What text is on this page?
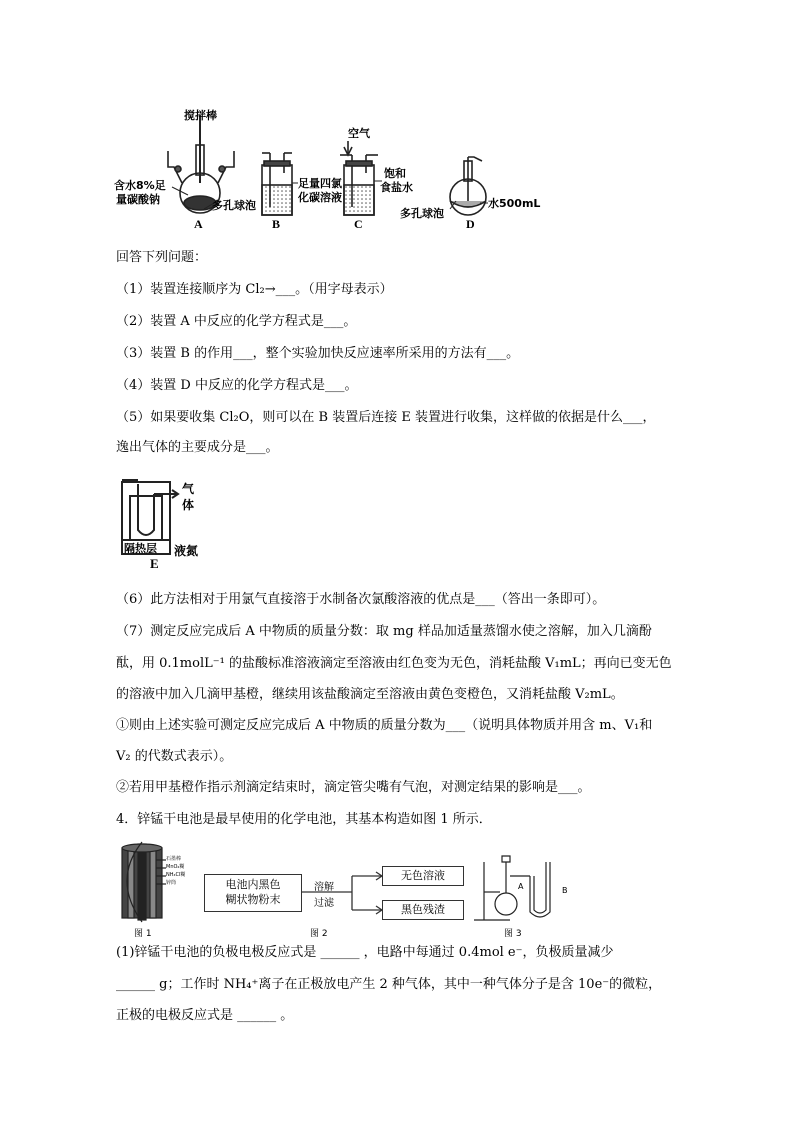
搅拌棒
空气
含水8%足
量碳酸钠	多孔球泡
足量四氯
化碳溶液
饱和
食盐水
多孔球泡
水500mL
A	B	C	D
回答下列问题：
（1）装置连接顺序为 Cl₂→___。（用字母表示）
（2）装置 A 中反应的化学方程式是___。
（3）装置 B 的作用___，整个实验加快反应速率所采用的方法有___。
（4）装置 D 中反应的化学方程式是___。
（5）如果要收集 Cl₂O，则可以在 B 装置后连接 E 装置进行收集，这样做的依据是什么___，
逸出气体的主要成分是___。
气
体
隔热层 液氮
E
（6）此方法相对于用氯气直接溶于水制备次氯酸溶液的优点是___（答出一条即可）。
（7）测定反应完成后 A 中物质的质量分数：取 mg 样品加适量蒸馏水使之溶解，加入几滴酚
酞，用 0.1molL⁻¹ 的盐酸标准溶液滴定至溶液由红色变为无色，消耗盐酸 V₁mL；再向已变无色
的溶液中加入几滴甲基橙，继续用该盐酸滴定至溶液由黄色变橙色，又消耗盐酸 V₂mL。
①则由上述实验可测定反应完成后 A 中物质的质量分数为___（说明具体物质并用含 m、V₁和
V₂ 的代数式表示）。
②若用甲基橙作指示剂滴定结束时，滴定管尖嘴有气泡，对测定结果的影响是___。
4．锌锰干电池是最早使用的化学电池，其基本构造如图 1 所示．
石墨棒
MnO₂糊
NH₄Cl糊
锌筒
图 1
电池内黑色
糊状物粉末
溶解
过滤
无色溶液
黑色残渣
图 2
A	B
图 3
(1)锌锰干电池的负极电极反应式是 ______ ，电路中每通过 0.4mol e⁻，负极质量减少
______ g；工作时 NH₄⁺离子在正极放电产生 2 种气体，其中一种气体分子是含 10e⁻的微粒，
正极的电极反应式是 ______ 。
